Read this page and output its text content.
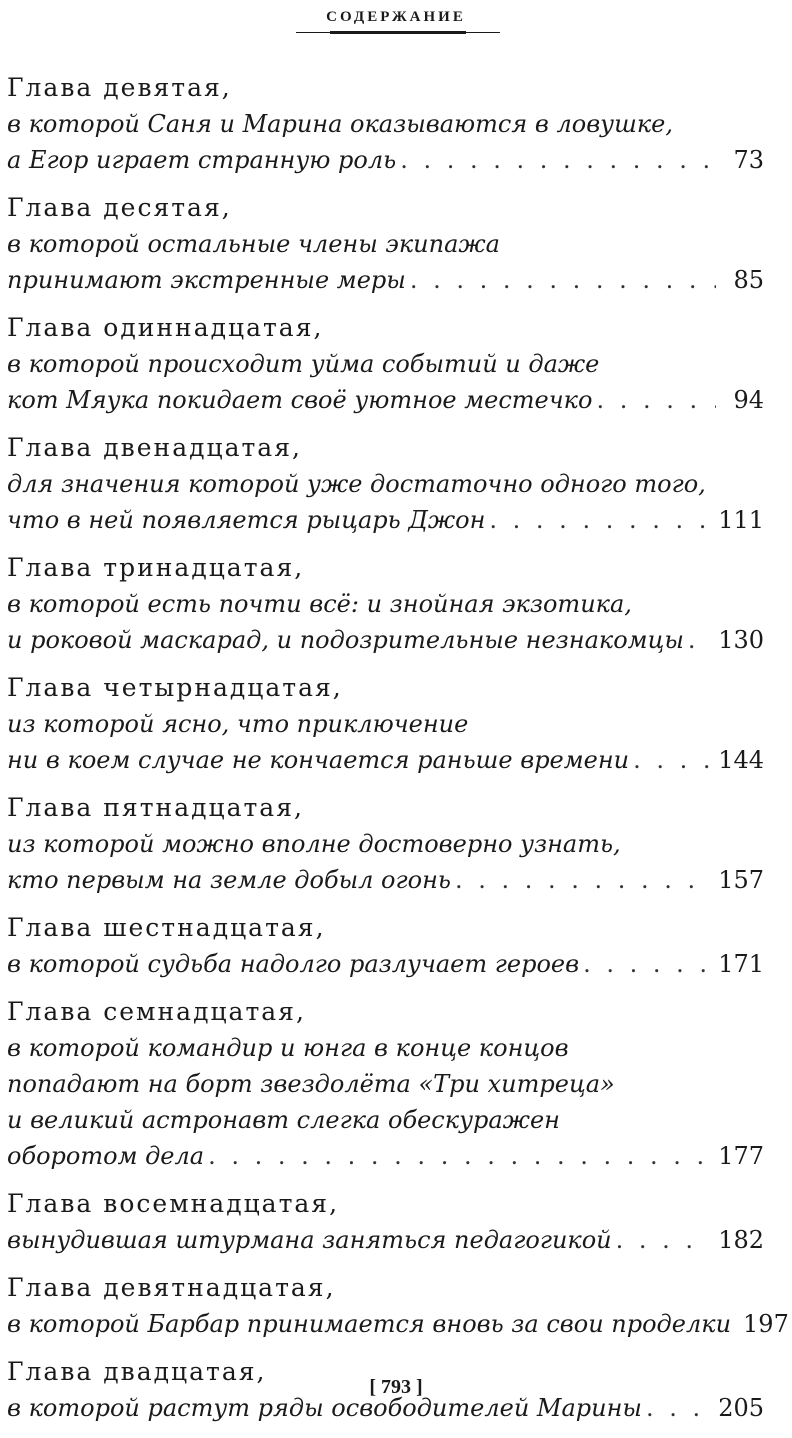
СОДЕРЖАНИЕ
Глава девятая,
в которой Саня и Марина оказываются в ловушке,
а Егор играет странную роль . . .	73
Глава десятая,
в которой остальные члены экипажа
принимают экстренные меры . . .	85
Глава одиннадцатая,
в которой происходит уйма событий и даже
кот Мяука покидает своё уютное местечко . . .	94
Глава двенадцатая,
для значения которой уже достаточно одного того,
что в ней появляется рыцарь Джон . . .	111
Глава тринадцатая,
в которой есть почти всё: и знойная экзотика,
и роковой маскарад, и подозрительные незнакомцы . . . 130
Глава четырнадцатая,
из которой ясно, что приключение
ни в коем случае не кончается раньше времени . . .	144
Глава пятнадцатая,
из которой можно вполне достоверно узнать,
кто первым на земле добыл огонь . . .	157
Глава шестнадцатая,
в которой судьба надолго разлучает героев . . .	171
Глава семнадцатая,
в которой командир и юнга в конце концов
попадают на борт звездолёта «Три хитреца»
и великий астронавт слегка обескуражен
оборотом дела . . .	177
Глава восемнадцатая,
вынудившая штурмана заняться педагогикой . . .	182
Глава девятнадцатая,
в которой Барбар принимается вновь за свои проделки 197
Глава двадцатая,
в которой растут ряды освободителей Марины . . .	205
[ 793 ]
